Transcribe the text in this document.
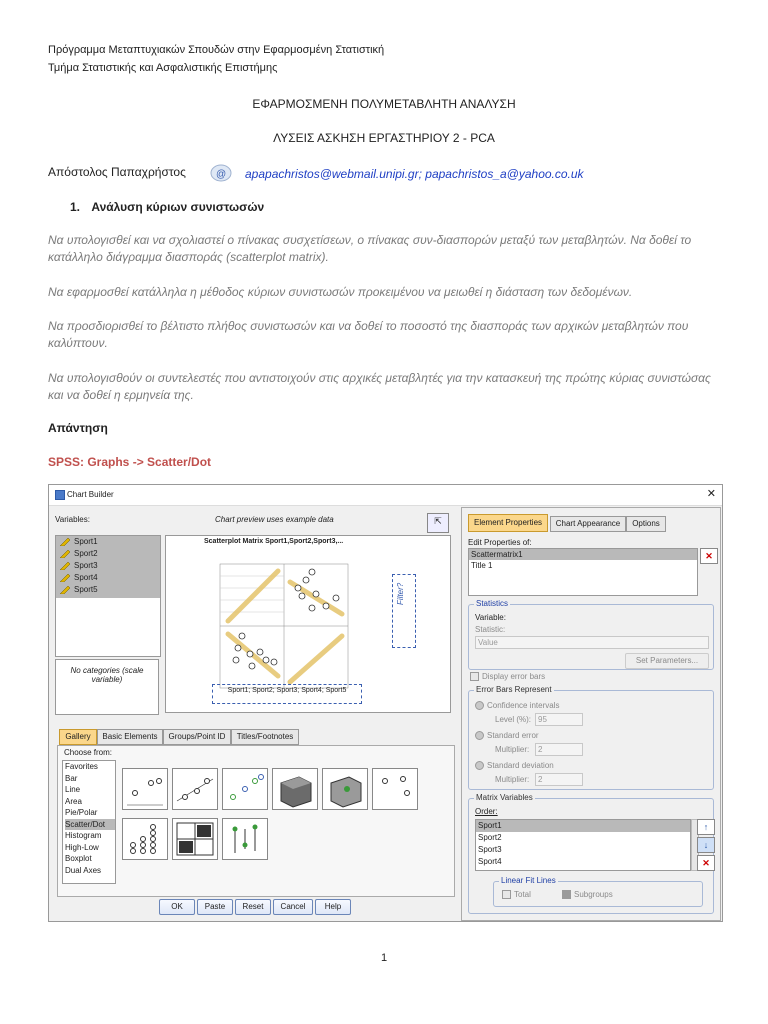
Πρόγραμμα Μεταπτυχιακών Σπουδών στην Εφαρμοσμένη Στατιστική
Τμήμα Στατιστικής και Ασφαλιστικής Επιστήμης
ΕΦΑΡΜΟΣΜΕΝΗ ΠΟΛΥΜΕΤΑΒΛΗΤΗ ΑΝΑΛΥΣΗ
ΛΥΣΕΙΣ ΑΣΚΗΣΗ ΕΡΓΑΣΤΗΡΙΟΥ 2 - PCA
Απόστολος Παπαχρήστος	@ apapachristos@webmail.unipi.gr; papachristos_a@yahoo.co.uk
1. Ανάλυση κύριων συνιστωσών
Να υπολογισθεί και να σχολιαστεί ο πίνακας συσχετίσεων, ο πίνακας συν-διασπορών μεταξύ των μεταβλητών. Να δοθεί το κατάλληλο διάγραμμα διασποράς (scatterplot matrix).
Να εφαρμοσθεί κατάλληλα η μέθοδος κύριων συνιστωσών προκειμένου να μειωθεί η διάσταση των δεδομένων.
Να προσδιορισθεί το βέλτιστο πλήθος συνιστωσών και να δοθεί το ποσοστό της διασποράς των αρχικών μεταβλητών που καλύπτουν.
Να υπολογισθούν οι συντελεστές που αντιστοιχούν στις αρχικές μεταβλητές για την κατασκευή της πρώτης κύριας συνιστώσας και να δοθεί η ερμηνεία της.
Απάντηση
SPSS: Graphs -> Scatter/Dot
Chart Builder	✕
Variables:	Chart preview uses example data	⇱
Sport1
Sport2
Sport3
Sport4
Sport5
No categories (scale variable)
Scatterplot Matrix Sport1,Sport2,Sport3,...
Filter?
Sport1; Sport2; Sport3; Sport4; Sport5
Gallery	Basic Elements	Groups/Point ID	Titles/Footnotes
Choose from:
Favorites
Bar
Line
Area
Pie/Polar
Scatter/Dot
Histogram
High-Low
Boxplot
Dual Axes
OK	Paste	Reset	Cancel	Help
Element Properties	Chart Appearance	Options
Edit Properties of:
Scattermatrix1
Title 1
✕
Statistics
Variable:
Statistic:
Value
Set Parameters...
Display error bars
Error Bars Represent
Confidence intervals
Level (%): 95
Standard error
Multiplier:	2
Standard deviation
Multiplier:	2
Matrix Variables
Order:
Sport1
Sport2
Sport3
Sport4
↑
↓
✕
Linear Fit Lines
Total	Subgroups
1
